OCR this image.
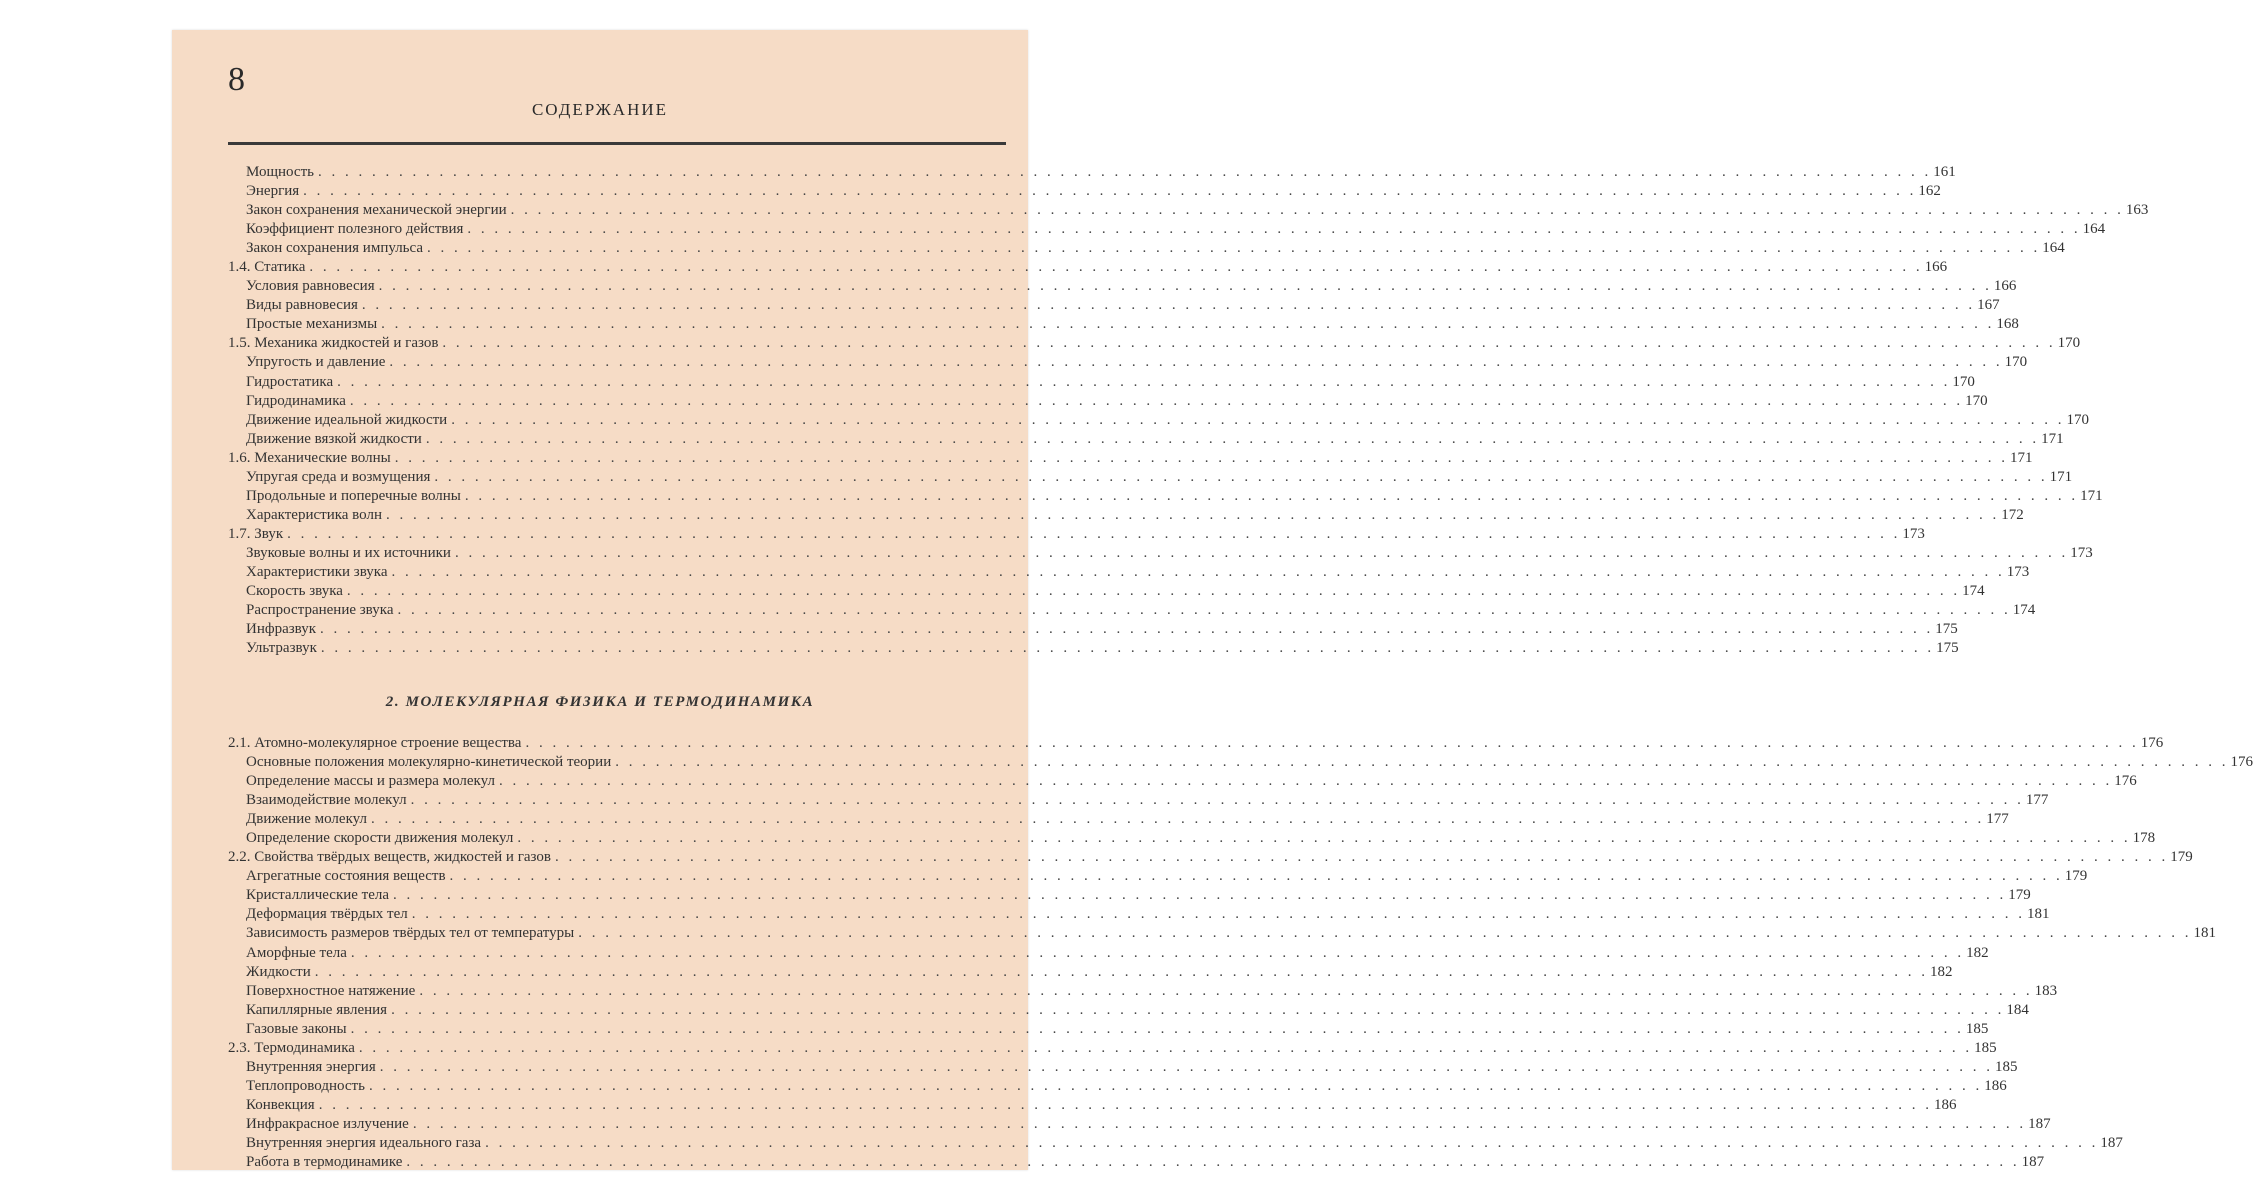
8
СОДЕРЖАНИЕ
Мощность . . . . . . . . . . . . . . . . . . . . . . . . . . . . . . . . . . . . . . . . . . . . . . . . . . . . . . . . . . . . . . . . . . . . . . . . . . . . . . . . . . . . . . . . . . . . . . . . . . . . . . . . . . . . . . . . . . . . . . . . 161
Энергия . . . . . . . . . . . . . . . . . . . . . . . . . . . . . . . . . . . . . . . . . . . . . . . . . . . . . . . . . . . . . . . . . . . . . . . . . . . . . . . . . . . . . . . . . . . . . . . . . . . . . . . . . . . . . . . . . . . . . . . . 162
Закон сохранения механической энергии . . . . . . . . . . . . . . . . . . . . . . . . . . . . . . . . . . . . . . . . . . . . . . . . . . . . . . . . . . . . . . . . . . . . . . . . . . . . . . . . . . . . . . . . . . . . . . . . . . . . . . . . . . . . . . . . . . . . . . . . 163
Коэффициент полезного действия . . . . . . . . . . . . . . . . . . . . . . . . . . . . . . . . . . . . . . . . . . . . . . . . . . . . . . . . . . . . . . . . . . . . . . . . . . . . . . . . . . . . . . . . . . . . . . . . . . . . . . . . . . . . . . . . . . . . . . . . 164
Закон сохранения импульса . . . . . . . . . . . . . . . . . . . . . . . . . . . . . . . . . . . . . . . . . . . . . . . . . . . . . . . . . . . . . . . . . . . . . . . . . . . . . . . . . . . . . . . . . . . . . . . . . . . . . . . . . . . . . . . . . . . . . . . . 164
1.4. Статика . . . . . . . . . . . . . . . . . . . . . . . . . . . . . . . . . . . . . . . . . . . . . . . . . . . . . . . . . . . . . . . . . . . . . . . . . . . . . . . . . . . . . . . . . . . . . . . . . . . . . . . . . . . . . . . . . . . . . . . . 166
Условия равновесия . . . . . . . . . . . . . . . . . . . . . . . . . . . . . . . . . . . . . . . . . . . . . . . . . . . . . . . . . . . . . . . . . . . . . . . . . . . . . . . . . . . . . . . . . . . . . . . . . . . . . . . . . . . . . . . . . . . . . . . . 166
Виды равновесия . . . . . . . . . . . . . . . . . . . . . . . . . . . . . . . . . . . . . . . . . . . . . . . . . . . . . . . . . . . . . . . . . . . . . . . . . . . . . . . . . . . . . . . . . . . . . . . . . . . . . . . . . . . . . . . . . . . . . . . . 167
Простые механизмы . . . . . . . . . . . . . . . . . . . . . . . . . . . . . . . . . . . . . . . . . . . . . . . . . . . . . . . . . . . . . . . . . . . . . . . . . . . . . . . . . . . . . . . . . . . . . . . . . . . . . . . . . . . . . . . . . . . . . . . . 168
1.5. Механика жидкостей и газов . . . . . . . . . . . . . . . . . . . . . . . . . . . . . . . . . . . . . . . . . . . . . . . . . . . . . . . . . . . . . . . . . . . . . . . . . . . . . . . . . . . . . . . . . . . . . . . . . . . . . . . . . . . . . . . . . . . . . . . . 170
Упругость и давление . . . . . . . . . . . . . . . . . . . . . . . . . . . . . . . . . . . . . . . . . . . . . . . . . . . . . . . . . . . . . . . . . . . . . . . . . . . . . . . . . . . . . . . . . . . . . . . . . . . . . . . . . . . . . . . . . . . . . . . . 170
Гидростатика . . . . . . . . . . . . . . . . . . . . . . . . . . . . . . . . . . . . . . . . . . . . . . . . . . . . . . . . . . . . . . . . . . . . . . . . . . . . . . . . . . . . . . . . . . . . . . . . . . . . . . . . . . . . . . . . . . . . . . . . 170
Гидродинамика . . . . . . . . . . . . . . . . . . . . . . . . . . . . . . . . . . . . . . . . . . . . . . . . . . . . . . . . . . . . . . . . . . . . . . . . . . . . . . . . . . . . . . . . . . . . . . . . . . . . . . . . . . . . . . . . . . . . . . . . 170
Движение идеальной жидкости . . . . . . . . . . . . . . . . . . . . . . . . . . . . . . . . . . . . . . . . . . . . . . . . . . . . . . . . . . . . . . . . . . . . . . . . . . . . . . . . . . . . . . . . . . . . . . . . . . . . . . . . . . . . . . . . . . . . . . . . 170
Движение вязкой жидкости . . . . . . . . . . . . . . . . . . . . . . . . . . . . . . . . . . . . . . . . . . . . . . . . . . . . . . . . . . . . . . . . . . . . . . . . . . . . . . . . . . . . . . . . . . . . . . . . . . . . . . . . . . . . . . . . . . . . . . . . 171
1.6. Механические волны . . . . . . . . . . . . . . . . . . . . . . . . . . . . . . . . . . . . . . . . . . . . . . . . . . . . . . . . . . . . . . . . . . . . . . . . . . . . . . . . . . . . . . . . . . . . . . . . . . . . . . . . . . . . . . . . . . . . . . . . 171
Упругая среда и возмущения . . . . . . . . . . . . . . . . . . . . . . . . . . . . . . . . . . . . . . . . . . . . . . . . . . . . . . . . . . . . . . . . . . . . . . . . . . . . . . . . . . . . . . . . . . . . . . . . . . . . . . . . . . . . . . . . . . . . . . . . 171
Продольные и поперечные волны . . . . . . . . . . . . . . . . . . . . . . . . . . . . . . . . . . . . . . . . . . . . . . . . . . . . . . . . . . . . . . . . . . . . . . . . . . . . . . . . . . . . . . . . . . . . . . . . . . . . . . . . . . . . . . . . . . . . . . . . 171
Характеристика волн . . . . . . . . . . . . . . . . . . . . . . . . . . . . . . . . . . . . . . . . . . . . . . . . . . . . . . . . . . . . . . . . . . . . . . . . . . . . . . . . . . . . . . . . . . . . . . . . . . . . . . . . . . . . . . . . . . . . . . . . 172
1.7. Звук . . . . . . . . . . . . . . . . . . . . . . . . . . . . . . . . . . . . . . . . . . . . . . . . . . . . . . . . . . . . . . . . . . . . . . . . . . . . . . . . . . . . . . . . . . . . . . . . . . . . . . . . . . . . . . . . . . . . . . . . 173
Звуковые волны и их источники . . . . . . . . . . . . . . . . . . . . . . . . . . . . . . . . . . . . . . . . . . . . . . . . . . . . . . . . . . . . . . . . . . . . . . . . . . . . . . . . . . . . . . . . . . . . . . . . . . . . . . . . . . . . . . . . . . . . . . . . 173
Характеристики звука . . . . . . . . . . . . . . . . . . . . . . . . . . . . . . . . . . . . . . . . . . . . . . . . . . . . . . . . . . . . . . . . . . . . . . . . . . . . . . . . . . . . . . . . . . . . . . . . . . . . . . . . . . . . . . . . . . . . . . . . 173
Скорость звука . . . . . . . . . . . . . . . . . . . . . . . . . . . . . . . . . . . . . . . . . . . . . . . . . . . . . . . . . . . . . . . . . . . . . . . . . . . . . . . . . . . . . . . . . . . . . . . . . . . . . . . . . . . . . . . . . . . . . . . . 174
Распространение звука . . . . . . . . . . . . . . . . . . . . . . . . . . . . . . . . . . . . . . . . . . . . . . . . . . . . . . . . . . . . . . . . . . . . . . . . . . . . . . . . . . . . . . . . . . . . . . . . . . . . . . . . . . . . . . . . . . . . . . . . 174
Инфразвук . . . . . . . . . . . . . . . . . . . . . . . . . . . . . . . . . . . . . . . . . . . . . . . . . . . . . . . . . . . . . . . . . . . . . . . . . . . . . . . . . . . . . . . . . . . . . . . . . . . . . . . . . . . . . . . . . . . . . . . . 175
Ультразвук . . . . . . . . . . . . . . . . . . . . . . . . . . . . . . . . . . . . . . . . . . . . . . . . . . . . . . . . . . . . . . . . . . . . . . . . . . . . . . . . . . . . . . . . . . . . . . . . . . . . . . . . . . . . . . . . . . . . . . . . 175
2. МОЛЕКУЛЯРНАЯ ФИЗИКА И ТЕРМОДИНАМИКА
2.1. Атомно-молекулярное строение вещества . . . . . . . . . . . . . . . . . . . . . . . . . . . . . . . . . . . . . . . . . . . . . . . . . . . . . . . . . . . . . . . . . . . . . . . . . . . . . . . . . . . . . . . . . . . . . . . . . . . . . . . . . . . . . . . . . . . . . . . . 176
Основные положения молекулярно-кинетической теории . . . . . . . . . . . . . . . . . . . . . . . . . . . . . . . . . . . . . . . . . . . . . . . . . . . . . . . . . . . . . . . . . . . . . . . . . . . . . . . . . . . . . . . . . . . . . . . . . . . . . . . . . . . . . . . . . . . . . . . . 176
Определение массы и размера молекул . . . . . . . . . . . . . . . . . . . . . . . . . . . . . . . . . . . . . . . . . . . . . . . . . . . . . . . . . . . . . . . . . . . . . . . . . . . . . . . . . . . . . . . . . . . . . . . . . . . . . . . . . . . . . . . . . . . . . . . . 176
Взаимодействие молекул . . . . . . . . . . . . . . . . . . . . . . . . . . . . . . . . . . . . . . . . . . . . . . . . . . . . . . . . . . . . . . . . . . . . . . . . . . . . . . . . . . . . . . . . . . . . . . . . . . . . . . . . . . . . . . . . . . . . . . . . 177
Движение молекул . . . . . . . . . . . . . . . . . . . . . . . . . . . . . . . . . . . . . . . . . . . . . . . . . . . . . . . . . . . . . . . . . . . . . . . . . . . . . . . . . . . . . . . . . . . . . . . . . . . . . . . . . . . . . . . . . . . . . . . . 177
Определение скорости движения молекул . . . . . . . . . . . . . . . . . . . . . . . . . . . . . . . . . . . . . . . . . . . . . . . . . . . . . . . . . . . . . . . . . . . . . . . . . . . . . . . . . . . . . . . . . . . . . . . . . . . . . . . . . . . . . . . . . . . . . . . . 178
2.2. Свойства твёрдых веществ, жидкостей и газов . . . . . . . . . . . . . . . . . . . . . . . . . . . . . . . . . . . . . . . . . . . . . . . . . . . . . . . . . . . . . . . . . . . . . . . . . . . . . . . . . . . . . . . . . . . . . . . . . . . . . . . . . . . . . . . . . . . . . . . . 179
Агрегатные состояния веществ . . . . . . . . . . . . . . . . . . . . . . . . . . . . . . . . . . . . . . . . . . . . . . . . . . . . . . . . . . . . . . . . . . . . . . . . . . . . . . . . . . . . . . . . . . . . . . . . . . . . . . . . . . . . . . . . . . . . . . . . 179
Кристаллические тела . . . . . . . . . . . . . . . . . . . . . . . . . . . . . . . . . . . . . . . . . . . . . . . . . . . . . . . . . . . . . . . . . . . . . . . . . . . . . . . . . . . . . . . . . . . . . . . . . . . . . . . . . . . . . . . . . . . . . . . . 179
Деформация твёрдых тел . . . . . . . . . . . . . . . . . . . . . . . . . . . . . . . . . . . . . . . . . . . . . . . . . . . . . . . . . . . . . . . . . . . . . . . . . . . . . . . . . . . . . . . . . . . . . . . . . . . . . . . . . . . . . . . . . . . . . . . . 181
Зависимость размеров твёрдых тел от температуры . . . . . . . . . . . . . . . . . . . . . . . . . . . . . . . . . . . . . . . . . . . . . . . . . . . . . . . . . . . . . . . . . . . . . . . . . . . . . . . . . . . . . . . . . . . . . . . . . . . . . . . . . . . . . . . . . . . . . . . . 181
Аморфные тела . . . . . . . . . . . . . . . . . . . . . . . . . . . . . . . . . . . . . . . . . . . . . . . . . . . . . . . . . . . . . . . . . . . . . . . . . . . . . . . . . . . . . . . . . . . . . . . . . . . . . . . . . . . . . . . . . . . . . . . . 182
Жидкости . . . . . . . . . . . . . . . . . . . . . . . . . . . . . . . . . . . . . . . . . . . . . . . . . . . . . . . . . . . . . . . . . . . . . . . . . . . . . . . . . . . . . . . . . . . . . . . . . . . . . . . . . . . . . . . . . . . . . . . . 182
Поверхностное натяжение . . . . . . . . . . . . . . . . . . . . . . . . . . . . . . . . . . . . . . . . . . . . . . . . . . . . . . . . . . . . . . . . . . . . . . . . . . . . . . . . . . . . . . . . . . . . . . . . . . . . . . . . . . . . . . . . . . . . . . . . 183
Капиллярные явления . . . . . . . . . . . . . . . . . . . . . . . . . . . . . . . . . . . . . . . . . . . . . . . . . . . . . . . . . . . . . . . . . . . . . . . . . . . . . . . . . . . . . . . . . . . . . . . . . . . . . . . . . . . . . . . . . . . . . . . . 184
Газовые законы . . . . . . . . . . . . . . . . . . . . . . . . . . . . . . . . . . . . . . . . . . . . . . . . . . . . . . . . . . . . . . . . . . . . . . . . . . . . . . . . . . . . . . . . . . . . . . . . . . . . . . . . . . . . . . . . . . . . . . . . 185
2.3. Термодинамика . . . . . . . . . . . . . . . . . . . . . . . . . . . . . . . . . . . . . . . . . . . . . . . . . . . . . . . . . . . . . . . . . . . . . . . . . . . . . . . . . . . . . . . . . . . . . . . . . . . . . . . . . . . . . . . . . . . . . . . . 185
Внутренняя энергия . . . . . . . . . . . . . . . . . . . . . . . . . . . . . . . . . . . . . . . . . . . . . . . . . . . . . . . . . . . . . . . . . . . . . . . . . . . . . . . . . . . . . . . . . . . . . . . . . . . . . . . . . . . . . . . . . . . . . . . . 185
Теплопроводность . . . . . . . . . . . . . . . . . . . . . . . . . . . . . . . . . . . . . . . . . . . . . . . . . . . . . . . . . . . . . . . . . . . . . . . . . . . . . . . . . . . . . . . . . . . . . . . . . . . . . . . . . . . . . . . . . . . . . . . . 186
Конвекция . . . . . . . . . . . . . . . . . . . . . . . . . . . . . . . . . . . . . . . . . . . . . . . . . . . . . . . . . . . . . . . . . . . . . . . . . . . . . . . . . . . . . . . . . . . . . . . . . . . . . . . . . . . . . . . . . . . . . . . . 186
Инфракрасное излучение . . . . . . . . . . . . . . . . . . . . . . . . . . . . . . . . . . . . . . . . . . . . . . . . . . . . . . . . . . . . . . . . . . . . . . . . . . . . . . . . . . . . . . . . . . . . . . . . . . . . . . . . . . . . . . . . . . . . . . . . 187
Внутренняя энергия идеального газа . . . . . . . . . . . . . . . . . . . . . . . . . . . . . . . . . . . . . . . . . . . . . . . . . . . . . . . . . . . . . . . . . . . . . . . . . . . . . . . . . . . . . . . . . . . . . . . . . . . . . . . . . . . . . . . . . . . . . . . . 187
Работа в термодинамике . . . . . . . . . . . . . . . . . . . . . . . . . . . . . . . . . . . . . . . . . . . . . . . . . . . . . . . . . . . . . . . . . . . . . . . . . . . . . . . . . . . . . . . . . . . . . . . . . . . . . . . . . . . . . . . . . . . . . . . . 187
